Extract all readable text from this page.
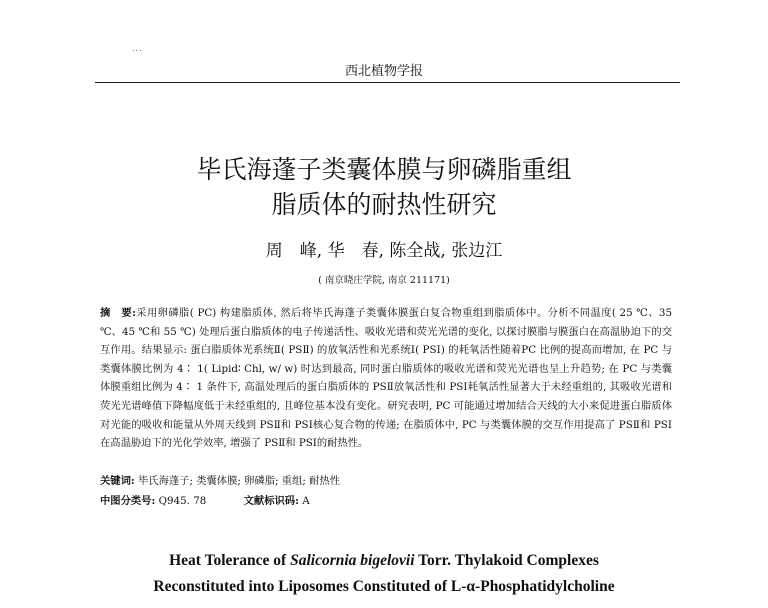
...
西北植物学报
毕氏海蓬子类囊体膜与卵磷脂重组
脂质体的耐热性研究
周　峰, 华　春, 陈全战, 张边江
( 南京晓庄学院, 南京 211171)
摘　要:采用卵磷脂( PC) 构建脂质体, 然后将毕氏海蓬子类囊体膜蛋白复合物重组到脂质体中。分析不同温度( 25 ℃、35 ℃、45 ℃和 55 ℃) 处理后蛋白脂质体的电子传递活性、吸收光谱和荧光光谱的变化, 以探讨膜脂与膜蛋白在高温胁迫下的交互作用。结果显示: 蛋白脂质体光系统Ⅱ( PSⅡ) 的放氧活性和光系统Ⅰ( PSⅠ) 的耗氧活性随着PC 比例的提高而增加, 在 PC 与类囊体膜比例为 4∶ 1( Lipid∶ Chl, w/ w) 时达到最高, 同时蛋白脂质体的吸收光谱和荧光光谱也呈上升趋势; 在 PC 与类囊体膜重组比例为 4∶ 1 条件下, 高温处理后的蛋白脂质体的 PSⅡ放氧活性和 PSⅠ耗氧活性显著大于未经重组的, 其吸收光谱和荧光光谱峰值下降幅度低于未经重组的, 且峰位基本没有变化。研究表明, PC 可能通过增加结合天线的大小来促进蛋白脂质体对光能的吸收和能量从外周天线到 PSⅡ和 PSⅠ核心复合物的传递; 在脂质体中, PC 与类囊体膜的交互作用提高了 PSⅡ和 PSⅠ在高温胁迫下的光化学效率, 增强了 PSⅡ和 PSⅠ的耐热性。
关键词: 毕氏海蓬子; 类囊体膜; 卵磷脂; 重组; 耐热性
中图分类号: Q945. 78	文献标识码: A
Heat Tolerance of Salicornia bigelovii Torr. Thylakoid Complexes
Reconstituted into Liposomes Constituted of L-α-Phosphatidylcholine
